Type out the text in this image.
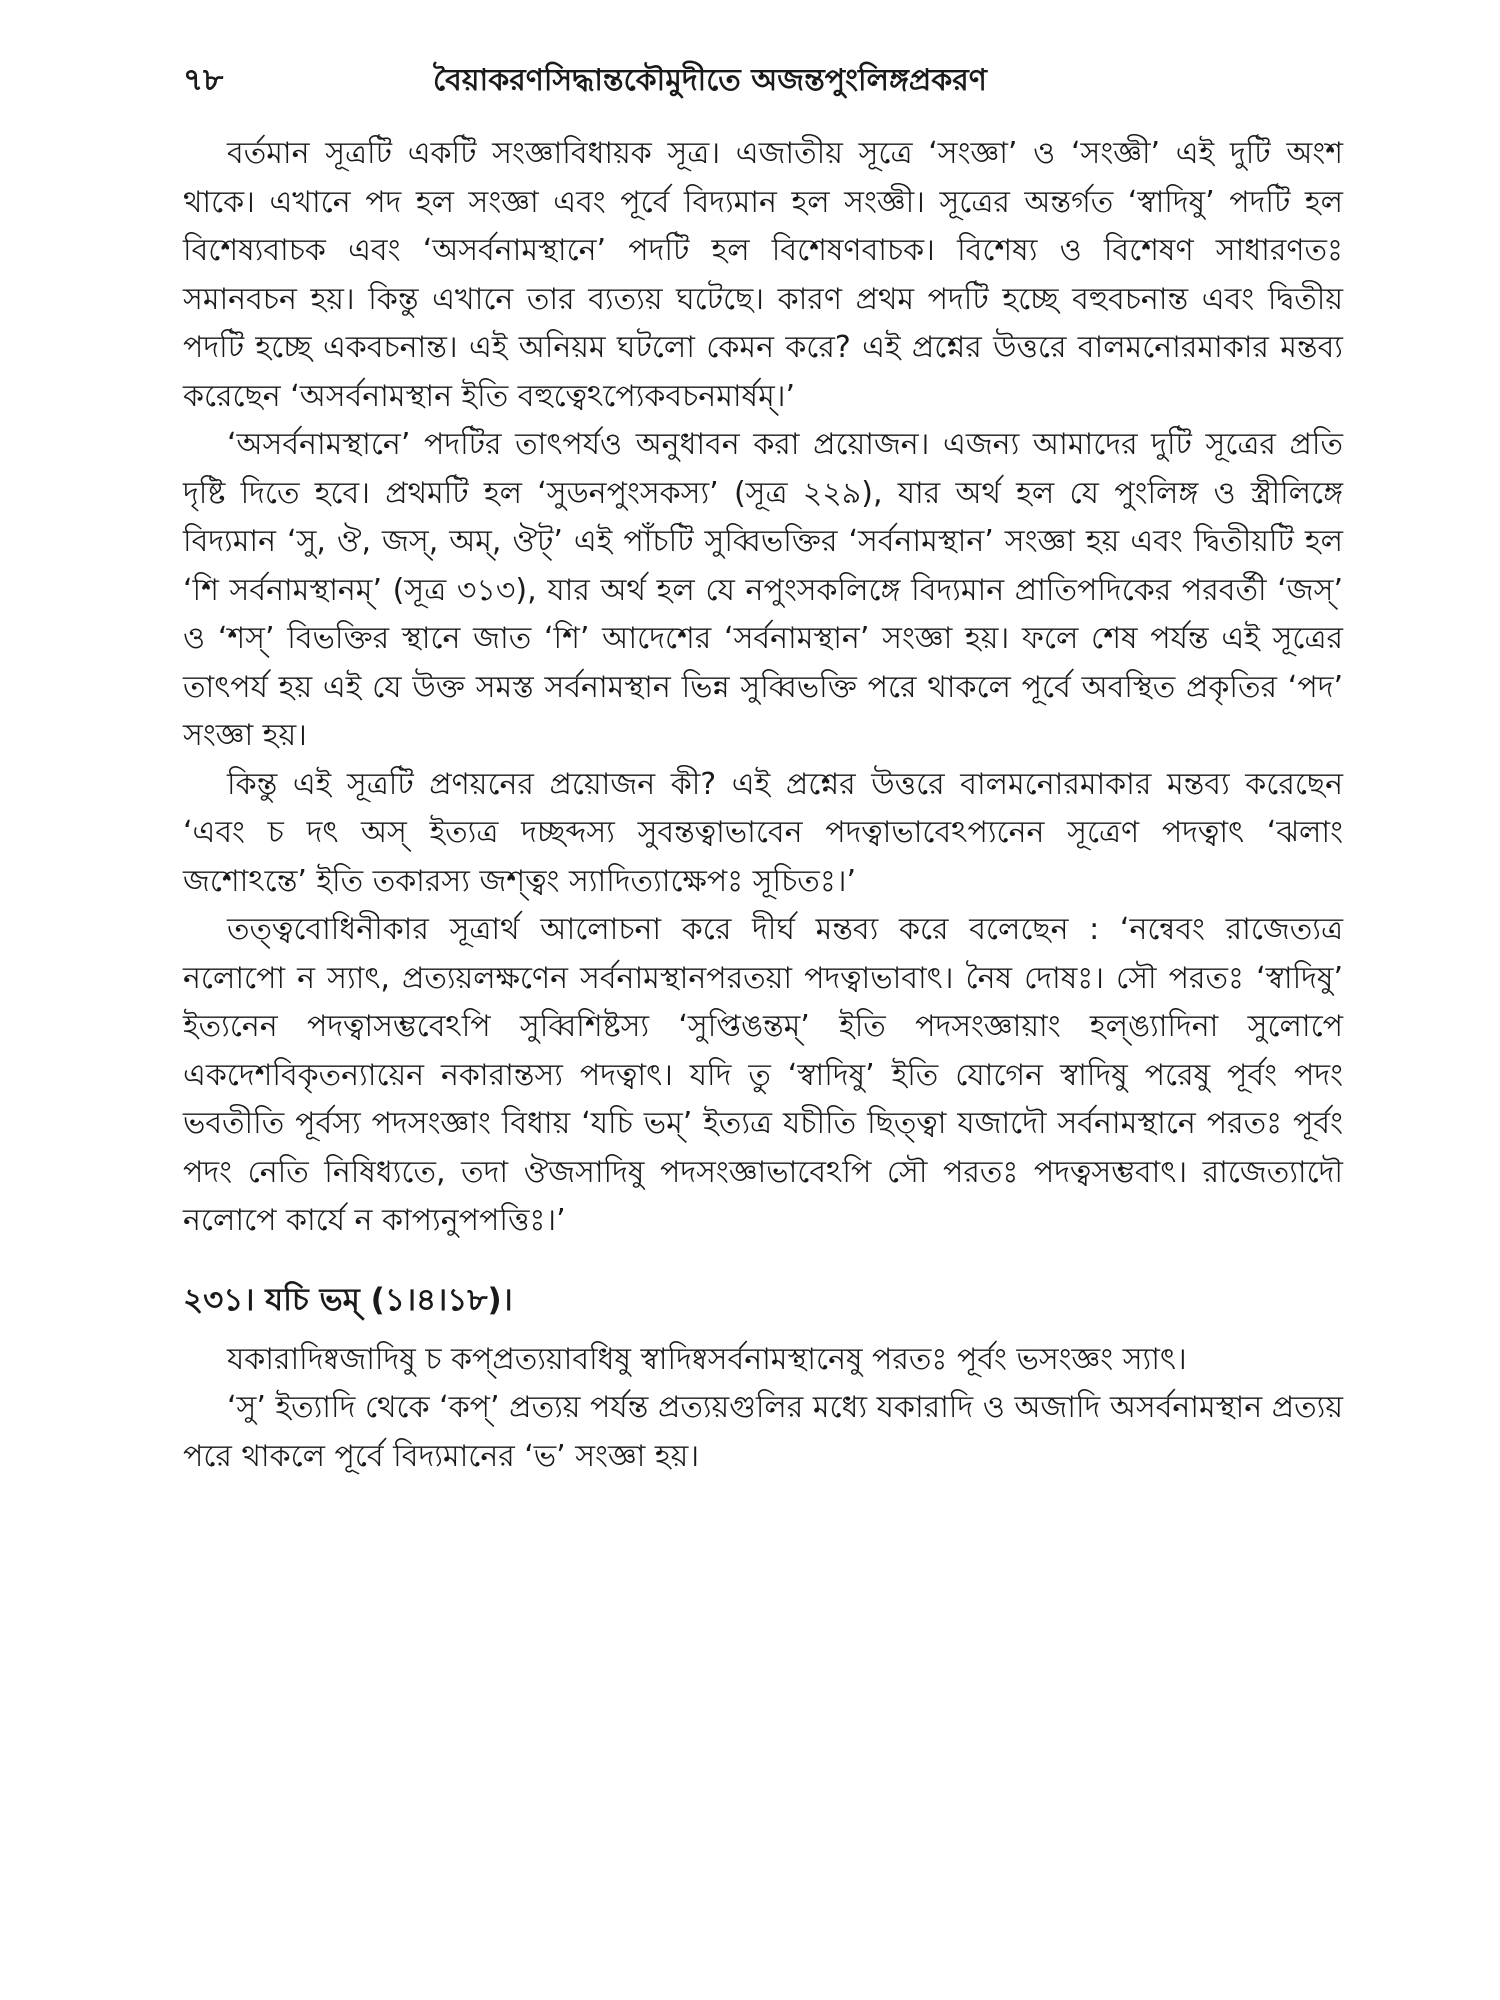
৭৮	বৈয়াকরণসিদ্ধান্তকৌমুদীতে অজন্তপুংলিঙ্গপ্রকরণ

বর্তমান সূত্রটি একটি সংজ্ঞাবিধায়ক সূত্র। এজাতীয় সূত্রে ‘সংজ্ঞা’ ও ‘সংজ্ঞী’ এই দুটি অংশ থাকে। এখানে পদ হল সংজ্ঞা এবং পূর্বে বিদ্যমান হল সংজ্ঞী। সূত্রের অন্তর্গত ‘স্বাদিষু’ পদটি হল বিশেষ্যবাচক এবং ‘অসর্বনামস্থানে’ পদটি হল বিশেষণবাচক। বিশেষ্য ও বিশেষণ সাধারণতঃ সমানবচন হয়। কিন্তু এখানে তার ব্যত্যয় ঘটেছে। কারণ প্রথম পদটি হচ্ছে বহুবচনান্ত এবং দ্বিতীয় পদটি হচ্ছে একবচনান্ত। এই অনিয়ম ঘটলো কেমন করে? এই প্রশ্নের উত্তরে বালমনোরমাকার মন্তব্য করেছেন ‘অসর্বনামস্থান ইতি বহুত্বেঽপ্যেকবচনমার্ষম্।’

‘অসর্বনামস্থানে’ পদটির তাৎপর্যও অনুধাবন করা প্রয়োজন। এজন্য আমাদের দুটি সূত্রের প্রতি দৃষ্টি দিতে হবে। প্রথমটি হল ‘সুডনপুংসকস্য’ (সূত্র ২২৯), যার অর্থ হল যে পুংলিঙ্গ ও স্ত্রীলিঙ্গে বিদ্যমান ‘সু, ঔ, জস্, অম্, ঔট্’ এই পাঁচটি সুব্বিভক্তির ‘সর্বনামস্থান’ সংজ্ঞা হয় এবং দ্বিতীয়টি হল ‘শি সর্বনামস্থানম্’ (সূত্র ৩১৩), যার অর্থ হল যে নপুংসকলিঙ্গে বিদ্যমান প্রাতিপদিকের পরবর্তী ‘জস্’ ও ‘শস্’ বিভক্তির স্থানে জাত ‘শি’ আদেশের ‘সর্বনামস্থান’ সংজ্ঞা হয়। ফলে শেষ পর্যন্ত এই সূত্রের তাৎপর্য হয় এই যে উক্ত সমস্ত সর্বনামস্থান ভিন্ন সুব্বিভক্তি পরে থাকলে পূর্বে অবস্থিত প্রকৃতির ‘পদ’ সংজ্ঞা হয়।

কিন্তু এই সূত্রটি প্রণয়নের প্রয়োজন কী? এই প্রশ্নের উত্তরে বালমনোরমাকার মন্তব্য করেছেন ‘এবং চ দৎ অস্ ইত্যত্র দচ্ছব্দস্য সুবন্তত্বাভাবেন পদত্বাভাবেঽপ্যনেন সূত্রেণ পদত্বাৎ ‘ঝলাং জশোঽন্তে’ ইতি তকারস্য জশ্ত্বং স্যাদিত্যাক্ষেপঃ সূচিতঃ।’

তত্ত্ববোধিনীকার সূত্রার্থ আলোচনা করে দীর্ঘ মন্তব্য করে বলেছেন : ‘নন্বেবং রাজেত্যত্র নলোপো ন স্যাৎ, প্রত্যয়লক্ষণেন সর্বনামস্থানপরতয়া পদত্বাভাবাৎ। নৈষ দোষঃ। সৌ পরতঃ ‘স্বাদিষু’ ইত্যনেন পদত্বাসম্ভবেঽপি সুব্বিশিষ্টস্য ‘সুপ্তিঙন্তম্’ ইতি পদসংজ্ঞায়াং হল্ঙ্যাদিনা সুলোপে একদেশবিকৃতন্যায়েন নকারান্তস্য পদত্বাৎ। যদি তু ‘স্বাদিষু’ ইতি যোগেন স্বাদিষু পরেষু পূর্বং পদং ভবতীতি পূর্বস্য পদসংজ্ঞাং বিধায় ‘যচি ভম্’ ইত্যত্র যচীতি ছিত্ত্বা যজাদৌ সর্বনামস্থানে পরতঃ পূর্বং পদং নেতি নিষিধ্যতে, তদা ঔজসাদিষু পদসংজ্ঞাভাবেঽপি সৌ পরতঃ পদত্বসম্ভবাৎ। রাজেত্যাদৌ নলোপে কার্যে ন কাপ্যনুপপত্তিঃ।’

২৩১। যচি ভম্ (১।৪।১৮)।

যকারাদিষ্বজাদিষু চ কপ্প্রত্যয়াবধিষু স্বাদিষ্বসর্বনামস্থানেষু পরতঃ পূর্বং ভসংজ্ঞং স্যাৎ।

‘সু’ ইত্যাদি থেকে ‘কপ্’ প্রত্যয় পর্যন্ত প্রত্যয়গুলির মধ্যে যকারাদি ও অজাদি অসর্বনামস্থান প্রত্যয় পরে থাকলে পূর্বে বিদ্যমানের ‘ভ’ সংজ্ঞা হয়।
